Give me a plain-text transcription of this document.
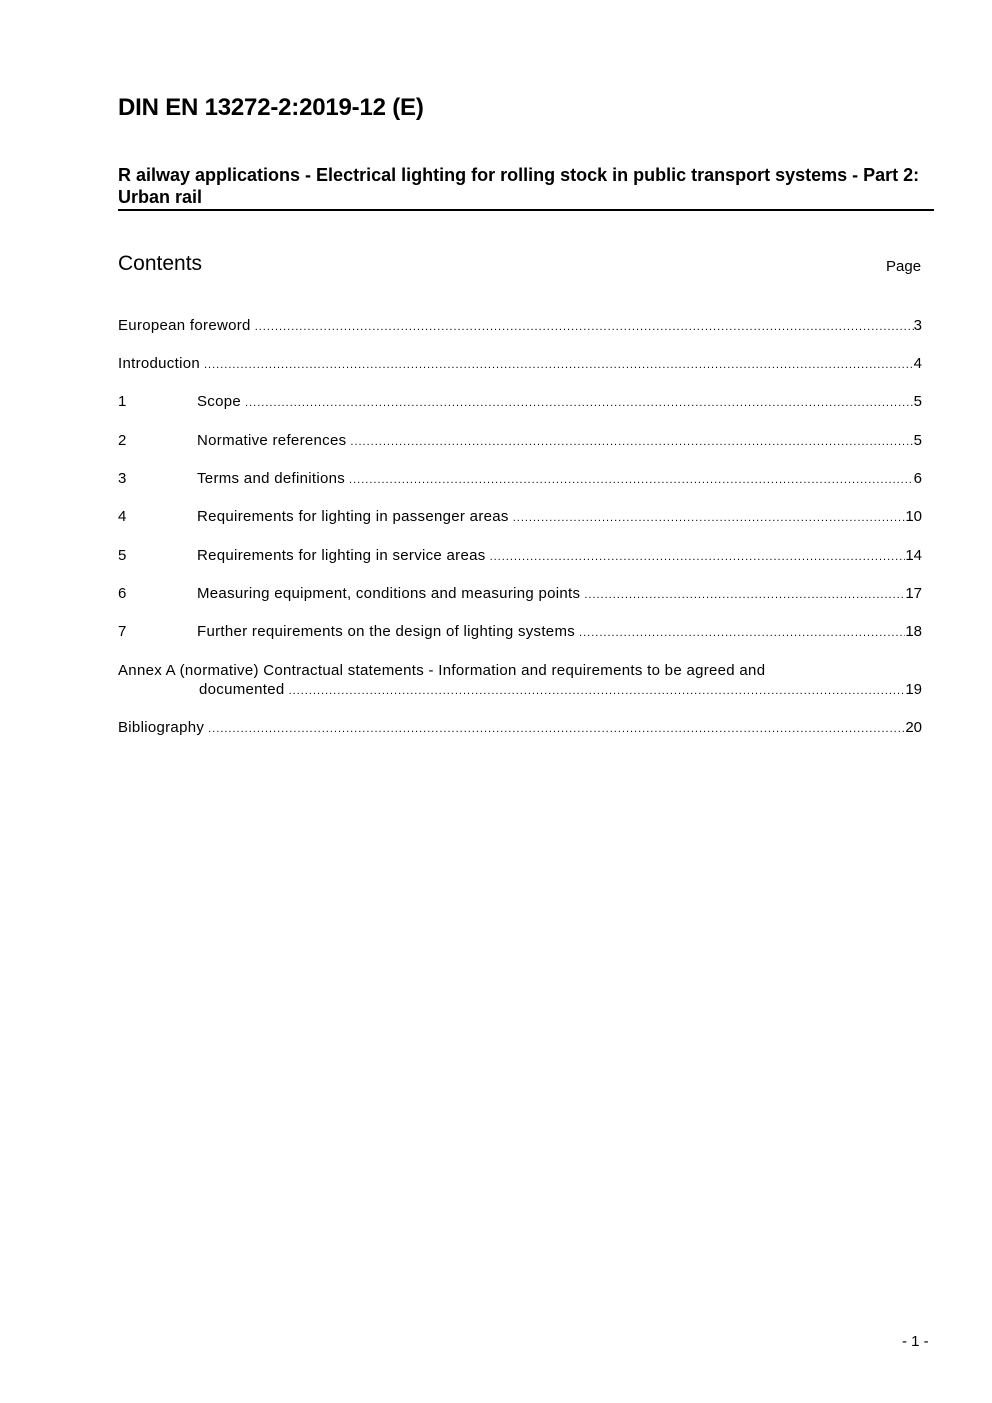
DIN EN 13272-2:2019-12 (E)
R ailway applications - Electrical lighting for rolling stock in public transport systems - Part 2: Urban rail
Contents	Page
European foreword .....	3
Introduction .....	4
1	Scope .....	5
2	Normative references .....	5
3	Terms and definitions .....	6
4	Requirements for lighting in passenger areas .....	10
5	Requirements for lighting in service areas .....	14
6	Measuring equipment, conditions and measuring points .....	17
7	Further requirements on the design of lighting systems .....	18
Annex A (normative) Contractual statements - Information and requirements to be agreed and
documented .....	19
Bibliography .....	20
- 1 -
